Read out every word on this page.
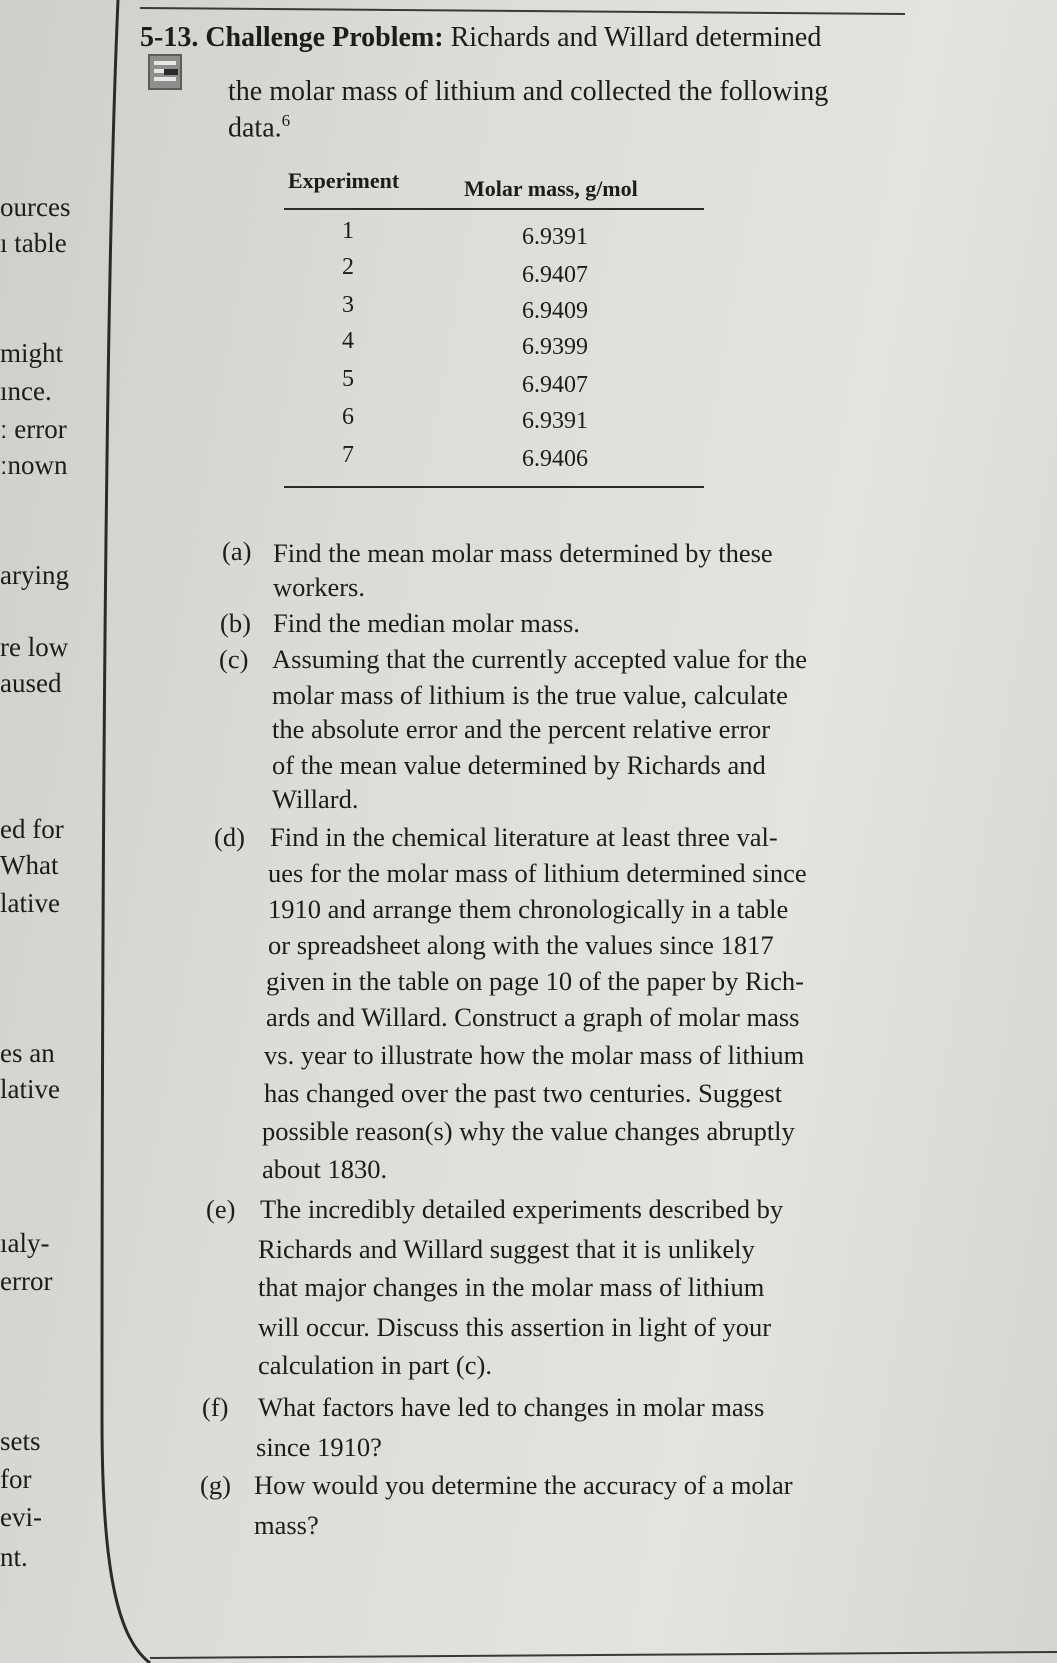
ources
ı table
might
ınce.
ː error
ːnown
arying
re low
aused
ed for
What
lative
es an
lative
ıaly-
error
sets
for
evi-
nt.
5-13. Challenge Problem: Richards and Willard determined
the molar mass of lithium and collected the following
data.$^6$
Experiment	Molar mass, g/mol
1	6.9391
2	6.9407
3	6.9409
4	6.9399
5	6.9407
6	6.9391
7	6.9406
(a) Find the mean molar mass determined by these
workers.
(b) Find the median molar mass.
(c) Assuming that the currently accepted value for the
molar mass of lithium is the true value, calculate
the absolute error and the percent relative error
of the mean value determined by Richards and
Willard.
(d) Find in the chemical literature at least three val-
ues for the molar mass of lithium determined since
1910 and arrange them chronologically in a table
or spreadsheet along with the values since 1817
given in the table on page 10 of the paper by Rich-
ards and Willard. Construct a graph of molar mass
vs. year to illustrate how the molar mass of lithium
has changed over the past two centuries. Suggest
possible reason(s) why the value changes abruptly
about 1830.
(e) The incredibly detailed experiments described by
Richards and Willard suggest that it is unlikely
that major changes in the molar mass of lithium
will occur. Discuss this assertion in light of your
calculation in part (c).
(f) What factors have led to changes in molar mass
since 1910?
(g) How would you determine the accuracy of a molar
mass?
